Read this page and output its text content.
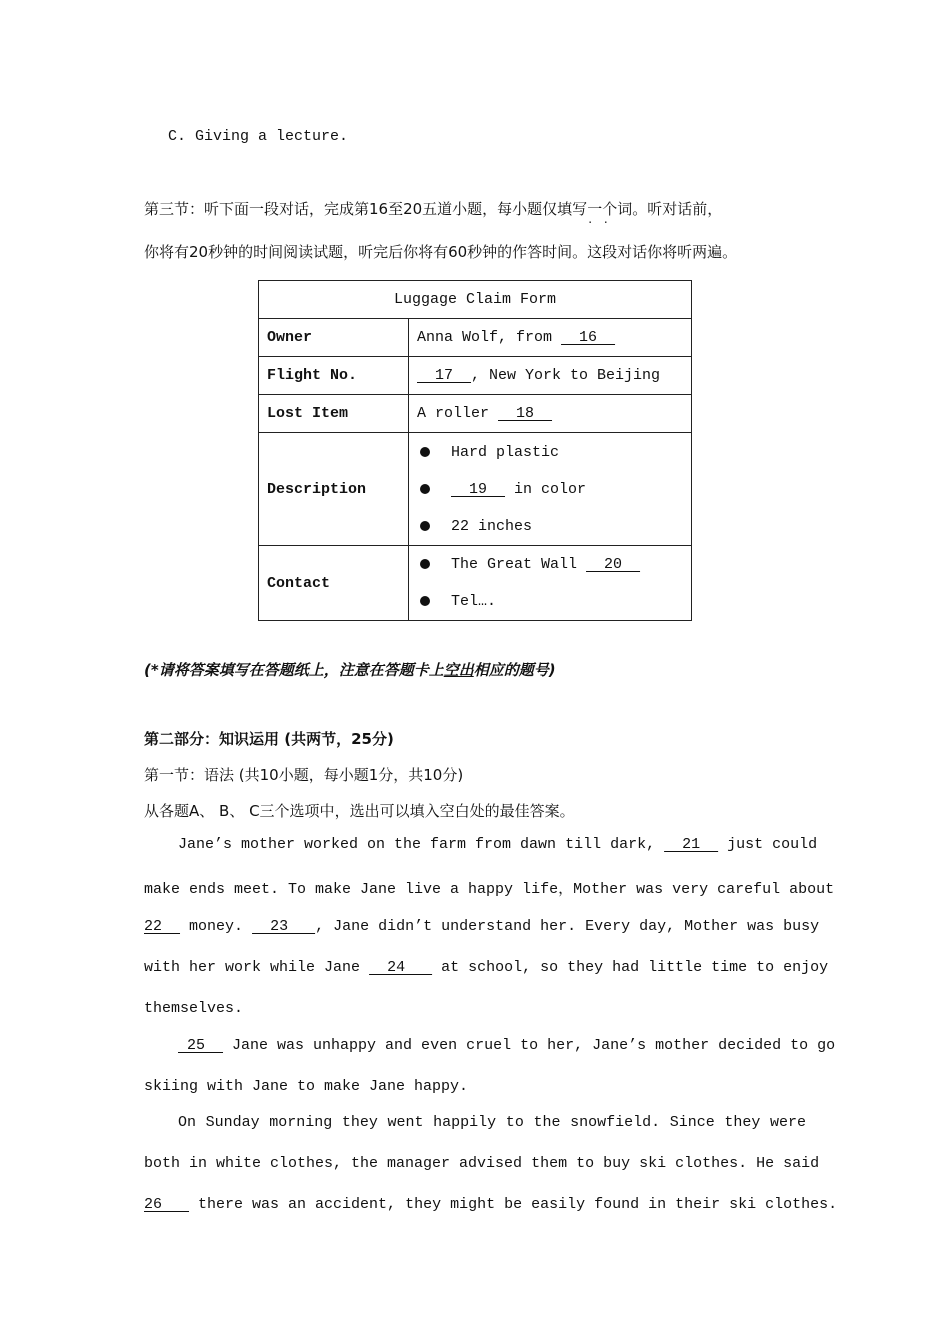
C. Giving a lecture.
第三节：听下面一段对话，完成第16至20五道小题，每小题仅填写一个 . .词。听对话前，
你将有20秒钟的时间阅读试题，听完后你将有60秒钟的作答时间。这段对话你将听两遍。
Luggage Claim Form	
Owner	Anna Wolf, from   16
Flight No.	17  , New York to Beijing
Lost Item	A roller   18
Description	Hard plastic
19   in color
22 inches

Contact	The Great Wall   20
Tel….
(*请将答案填写在答题纸上，注意在答题卡上空出相应的题号)
第二部分：知识运用 (共两节，25分)
第一节：语法 (共10小题，每小题1分，共10分)
从各题A、 B、 C三个选项中，选出可以填入空白处的最佳答案。
Jane’s mother worked on the farm from dawn till dark,   21   just could
make ends meet. To make Jane live a happy life，Mother was very careful about
22   money.   23   , Jane didn’t understand her. Every day, Mother was busy
with her work while Jane   24    at school, so they had little time to enjoy
themselves.
25   Jane was unhappy and even cruel to her, Jane’s mother decided to go
skiing with Jane to make Jane happy.
On Sunday morning they went happily to the snowfield. Since they were
both in white clothes, the manager advised them to buy ski clothes. He said
26    there was an accident, they might be easily found in their ski clothes.
